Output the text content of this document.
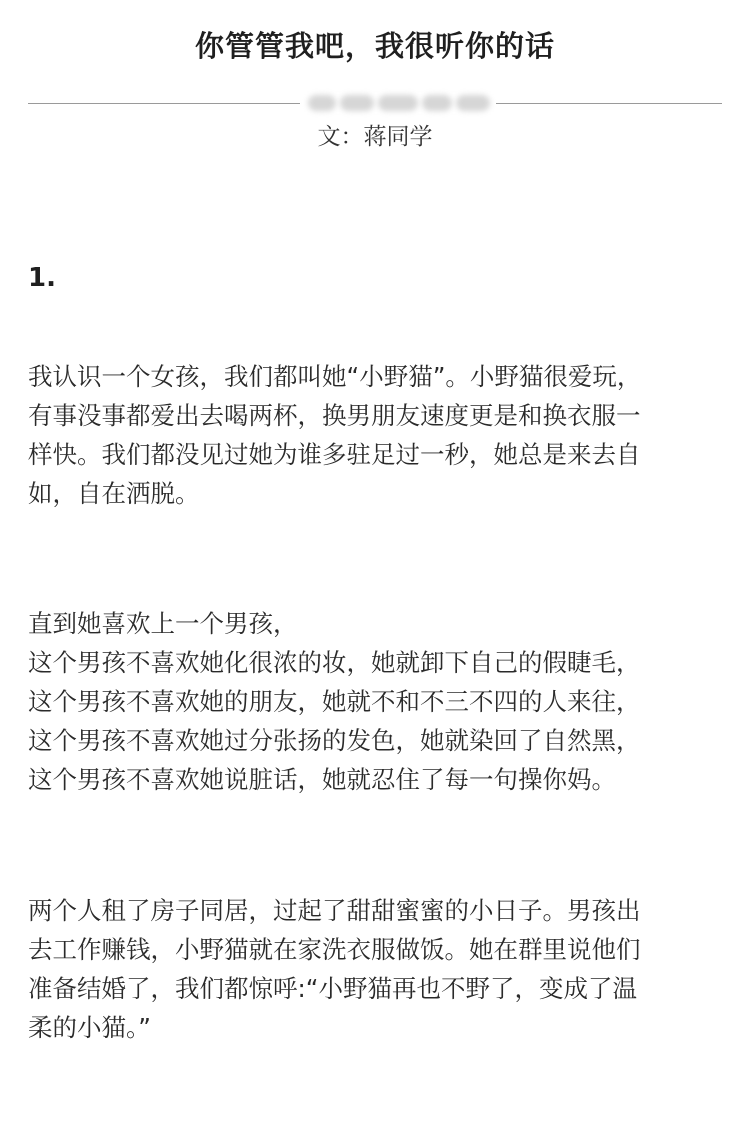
你管管我吧，我很听你的话
文：蒋同学
1.
我认识一个女孩，我们都叫她“小野猫”。小野猫很爱玩，
有事没事都爱出去喝两杯，换男朋友速度更是和换衣服一
样快。我们都没见过她为谁多驻足过一秒，她总是来去自
如，自在洒脱。
直到她喜欢上一个男孩，
这个男孩不喜欢她化很浓的妆，她就卸下自己的假睫毛，
这个男孩不喜欢她的朋友，她就不和不三不四的人来往，
这个男孩不喜欢她过分张扬的发色，她就染回了自然黑，
这个男孩不喜欢她说脏话，她就忍住了每一句操你妈。
两个人租了房子同居，过起了甜甜蜜蜜的小日子。男孩出
去工作赚钱，小野猫就在家洗衣服做饭。她在群里说他们
准备结婚了，我们都惊呼:“小野猫再也不野了，变成了温
柔的小猫。”
